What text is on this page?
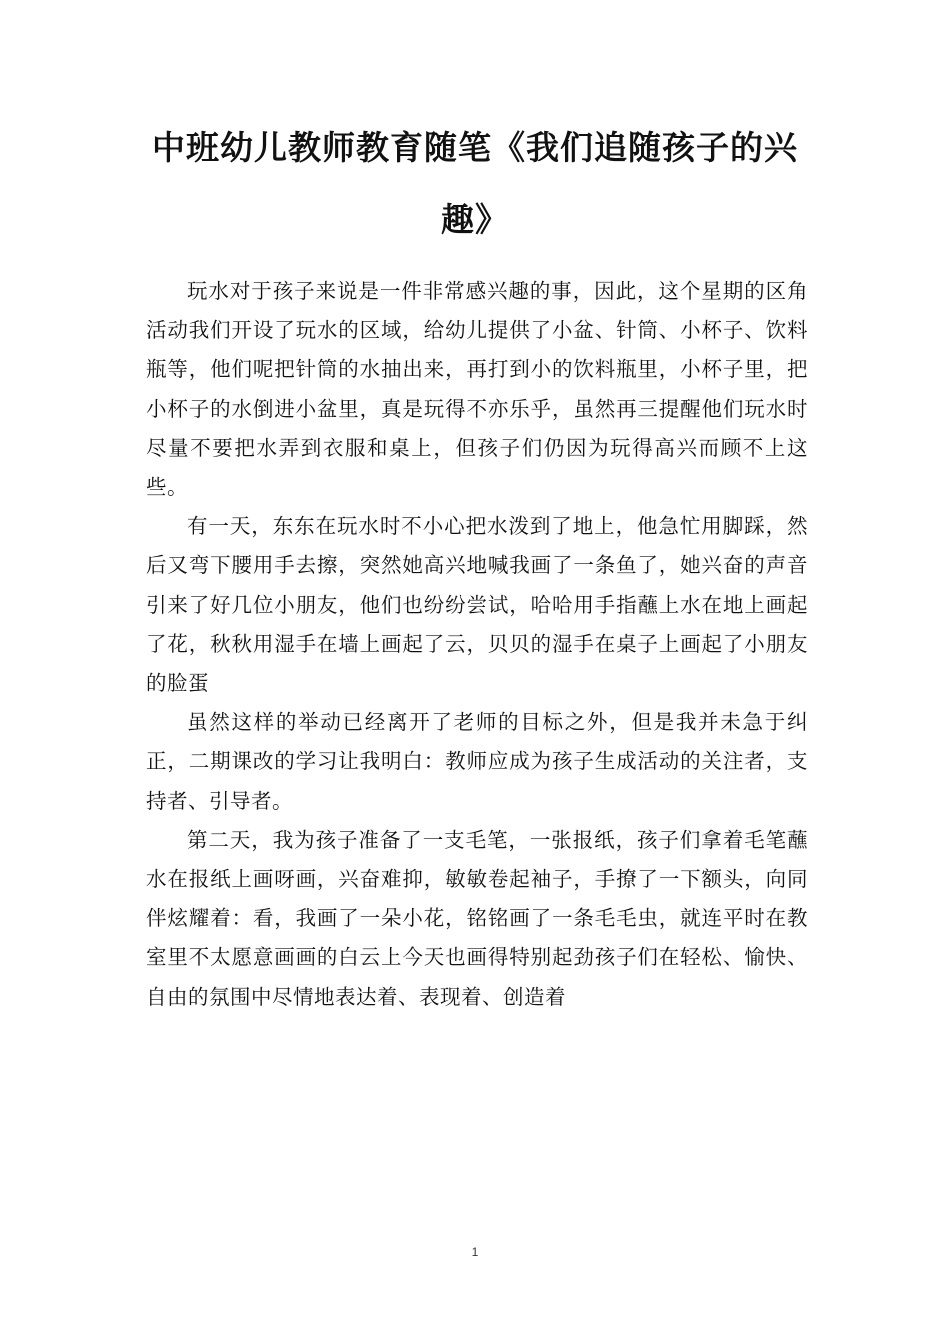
中班幼儿教师教育随笔《我们追随孩子的兴
趣》

玩水对于孩子来说是一件非常感兴趣的事，因此，这个星期的区角活动我们开设了玩水的区域，给幼儿提供了小盆、针筒、小杯子、饮料瓶等，他们呢把针筒的水抽出来，再打到小的饮料瓶里，小杯子里，把小杯子的水倒进小盆里，真是玩得不亦乐乎，虽然再三提醒他们玩水时尽量不要把水弄到衣服和桌上，但孩子们仍因为玩得高兴而顾不上这些。

有一天，东东在玩水时不小心把水泼到了地上，他急忙用脚踩，然后又弯下腰用手去擦，突然她高兴地喊我画了一条鱼了，她兴奋的声音引来了好几位小朋友，他们也纷纷尝试，哈哈用手指蘸上水在地上画起了花，秋秋用湿手在墙上画起了云，贝贝的湿手在桌子上画起了小朋友的脸蛋

虽然这样的举动已经离开了老师的目标之外，但是我并未急于纠正，二期课改的学习让我明白：教师应成为孩子生成活动的关注者，支持者、引导者。

第二天，我为孩子准备了一支毛笔，一张报纸，孩子们拿着毛笔蘸水在报纸上画呀画，兴奋难抑，敏敏卷起袖子，手撩了一下额头，向同伴炫耀着：看，我画了一朵小花，铭铭画了一条毛毛虫，就连平时在教室里不太愿意画画的白云上今天也画得特别起劲孩子们在轻松、愉快、自由的氛围中尽情地表达着、表现着、创造着

1
